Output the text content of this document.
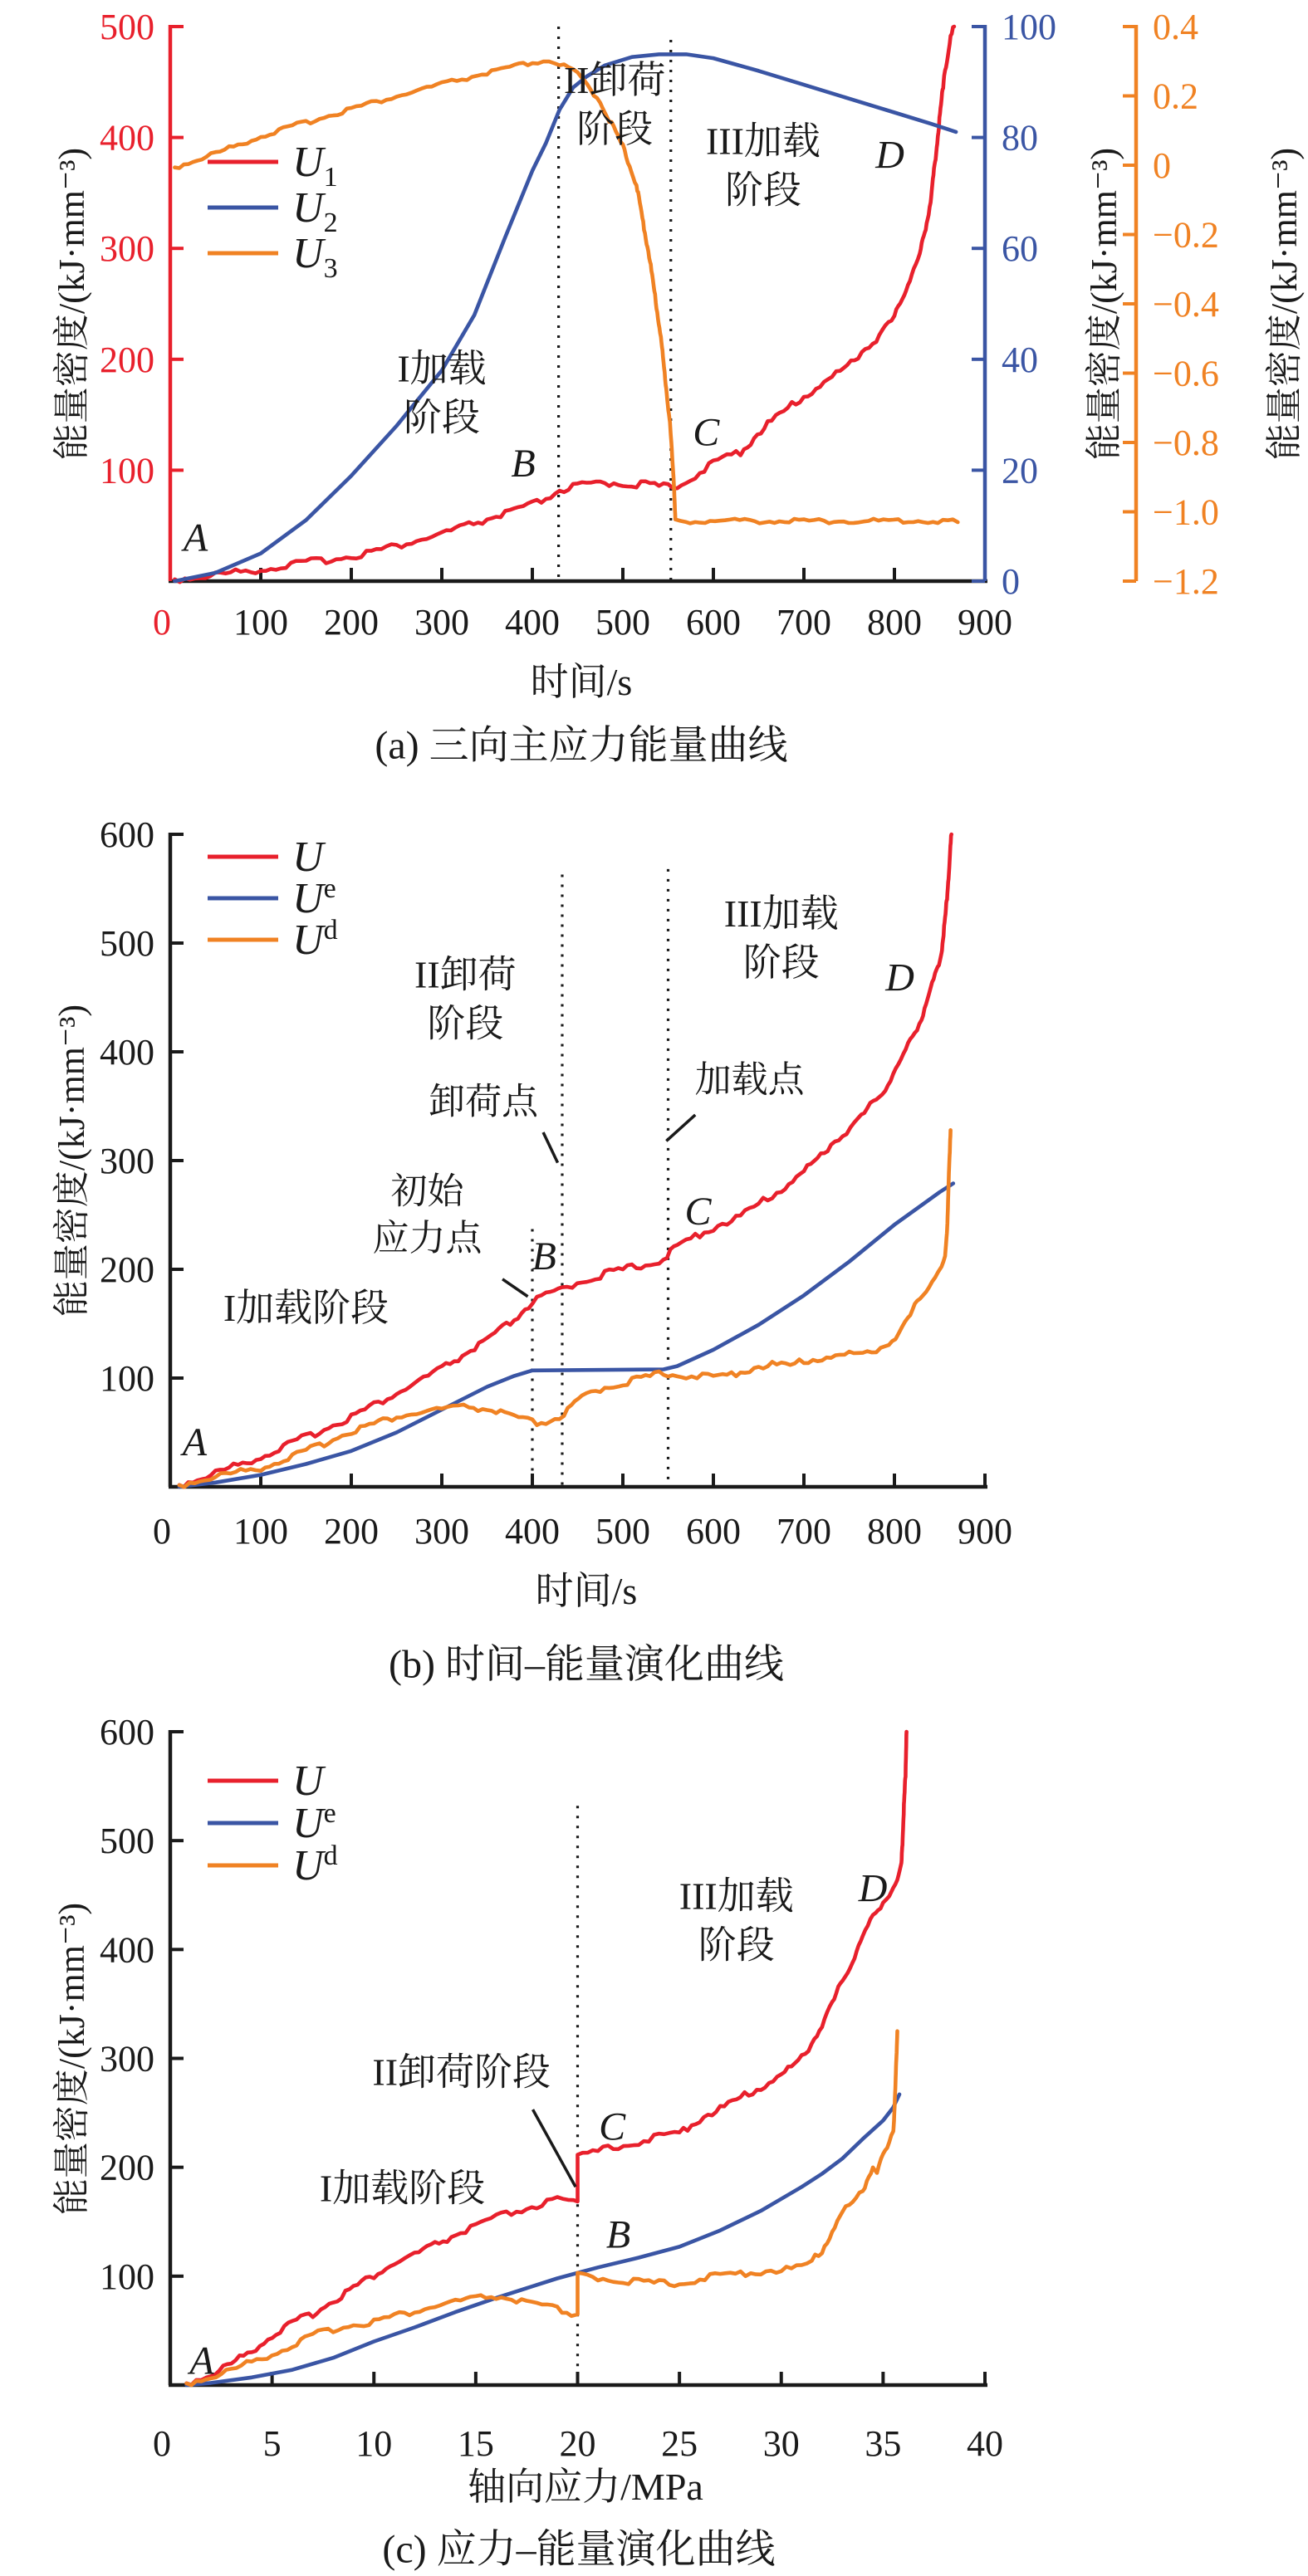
100 200 300 400 500 600 700 800 900
0
100
200
300
400
500
0
20
40
60
80
100	0.4
0.2
0
−0.2
−0.4
−0.6
−0.8
−1.0
−1.2
$U_1$
$U_2$
$U_3$
I加载
阶段
II卸荷
阶段 III加载
阶段
A
B
C
D
100 200 300 400 500 600 700 800 900
0
100
200
300
400
500
600	U
$U^e$
$U^d$
I加载阶段
II卸荷
阶段
初始
应力点
卸荷点
加载点
III加载
阶段
A
B
C
D
5 10 15 20 25 30 35 40
0
100
200
300
400
500
600
U
$U^e$
$U^d$
I加载阶段
II卸荷阶段
III加载
阶段
A
B
C
D
能量密度/(kJ·mm⁻³)	能量密度/(kJ·mm⁻³)	能量密度/(kJ·mm⁻³)
时间/s
(a) 三向主应力能量曲线
能量密度/(kJ·mm⁻³)
时间/s
(b) 时间–能量演化曲线
能量密度/(kJ·mm⁻³)
轴向应力/MPa
(c) 应力–能量演化曲线
